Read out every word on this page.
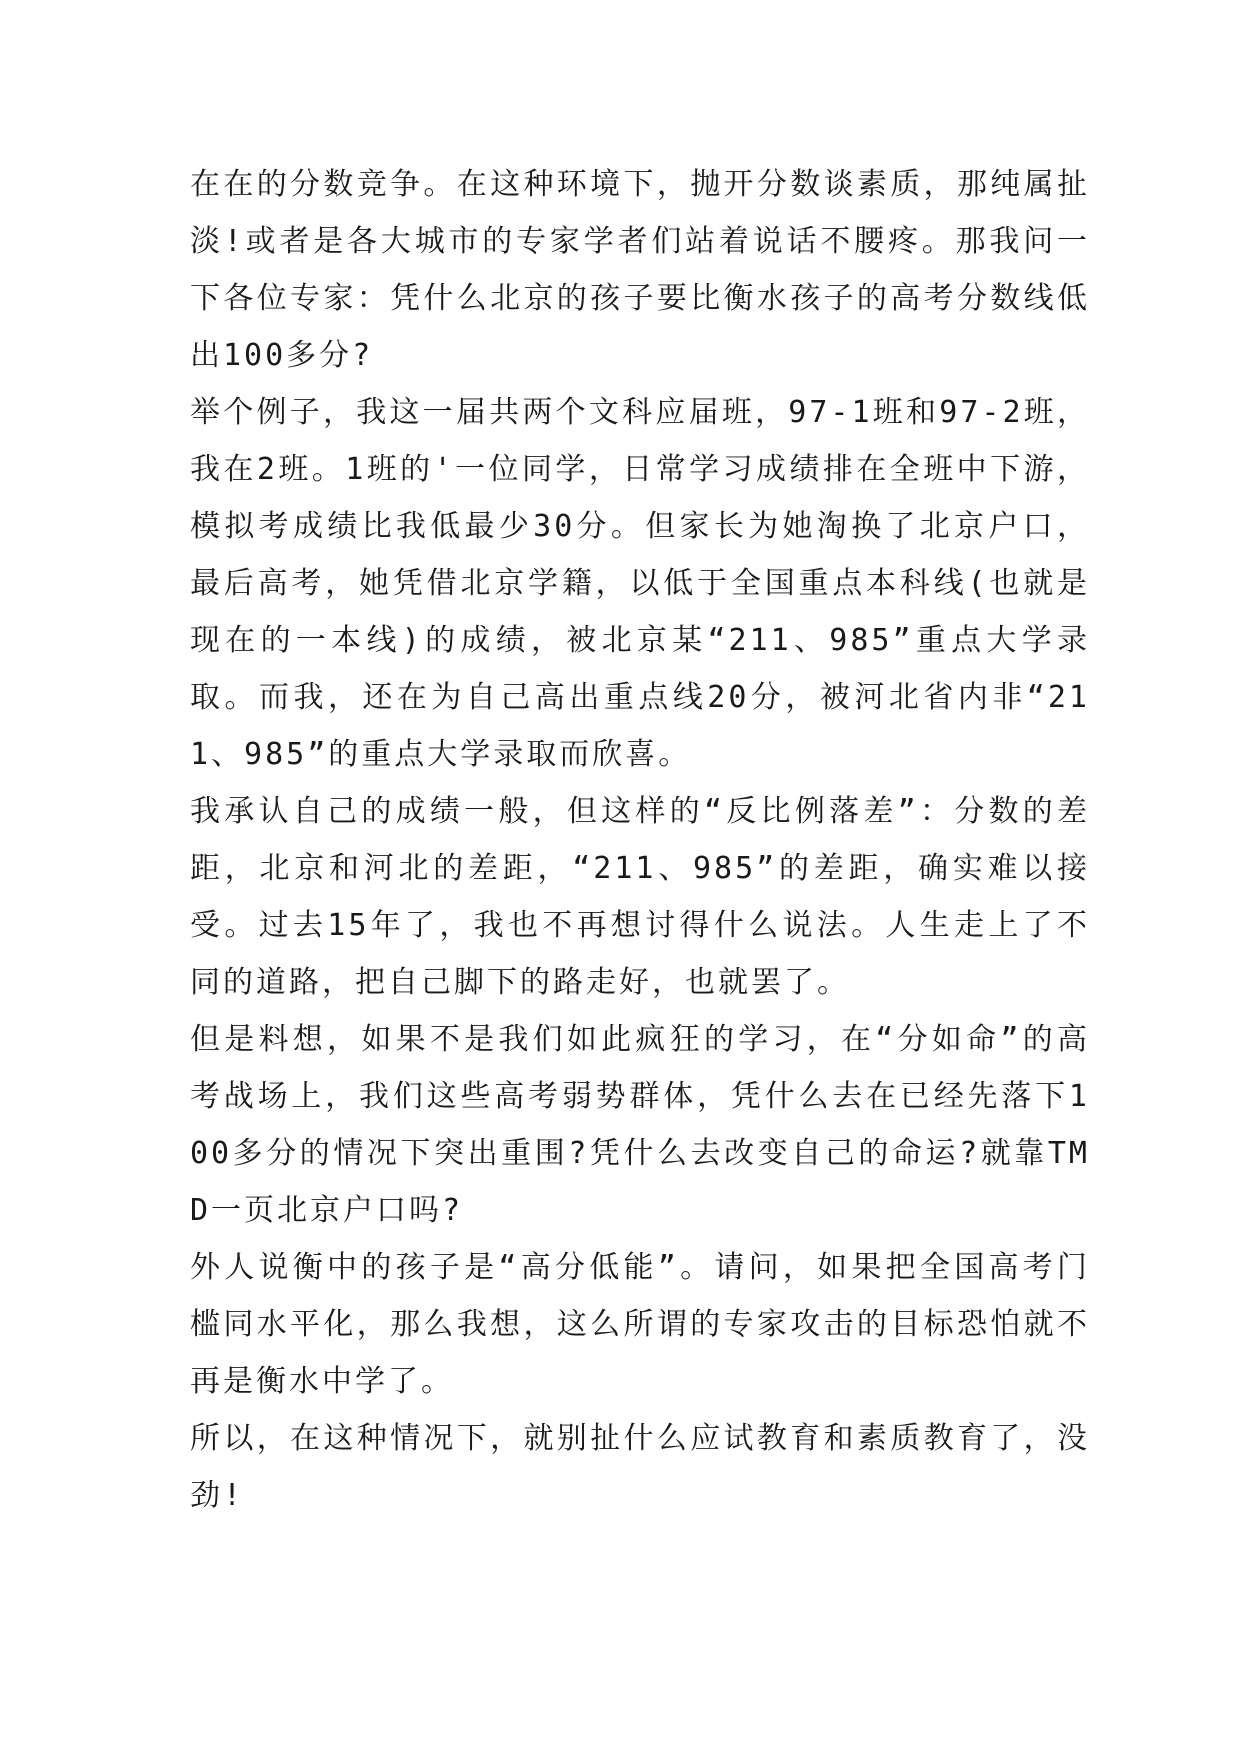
在在的分数竞争。在这种环境下，抛开分数谈素质，那纯属扯淡!或者是各大城市的专家学者们站着说话不腰疼。那我问一下各位专家：凭什么北京的孩子要比衡水孩子的高考分数线低出100多分?

举个例子，我这一届共两个文科应届班，97-1班和97-2班，我在2班。1班的'一位同学，日常学习成绩排在全班中下游，模拟考成绩比我低最少30分。但家长为她淘换了北京户口，最后高考，她凭借北京学籍，以低于全国重点本科线(也就是现在的一本线)的成绩，被北京某“211、985”重点大学录取。而我，还在为自己高出重点线20分，被河北省内非“211、985”的重点大学录取而欣喜。

我承认自己的成绩一般，但这样的“反比例落差”：分数的差距，北京和河北的差距，“211、985”的差距，确实难以接受。过去15年了，我也不再想讨得什么说法。人生走上了不同的道路，把自己脚下的路走好，也就罢了。

但是料想，如果不是我们如此疯狂的学习，在“分如命”的高考战场上，我们这些高考弱势群体，凭什么去在已经先落下100多分的情况下突出重围?凭什么去改变自己的命运?就靠TMD一页北京户口吗?

外人说衡中的孩子是“高分低能”。请问，如果把全国高考门槛同水平化，那么我想，这么所谓的专家攻击的目标恐怕就不再是衡水中学了。

所以，在这种情况下，就别扯什么应试教育和素质教育了，没劲!
